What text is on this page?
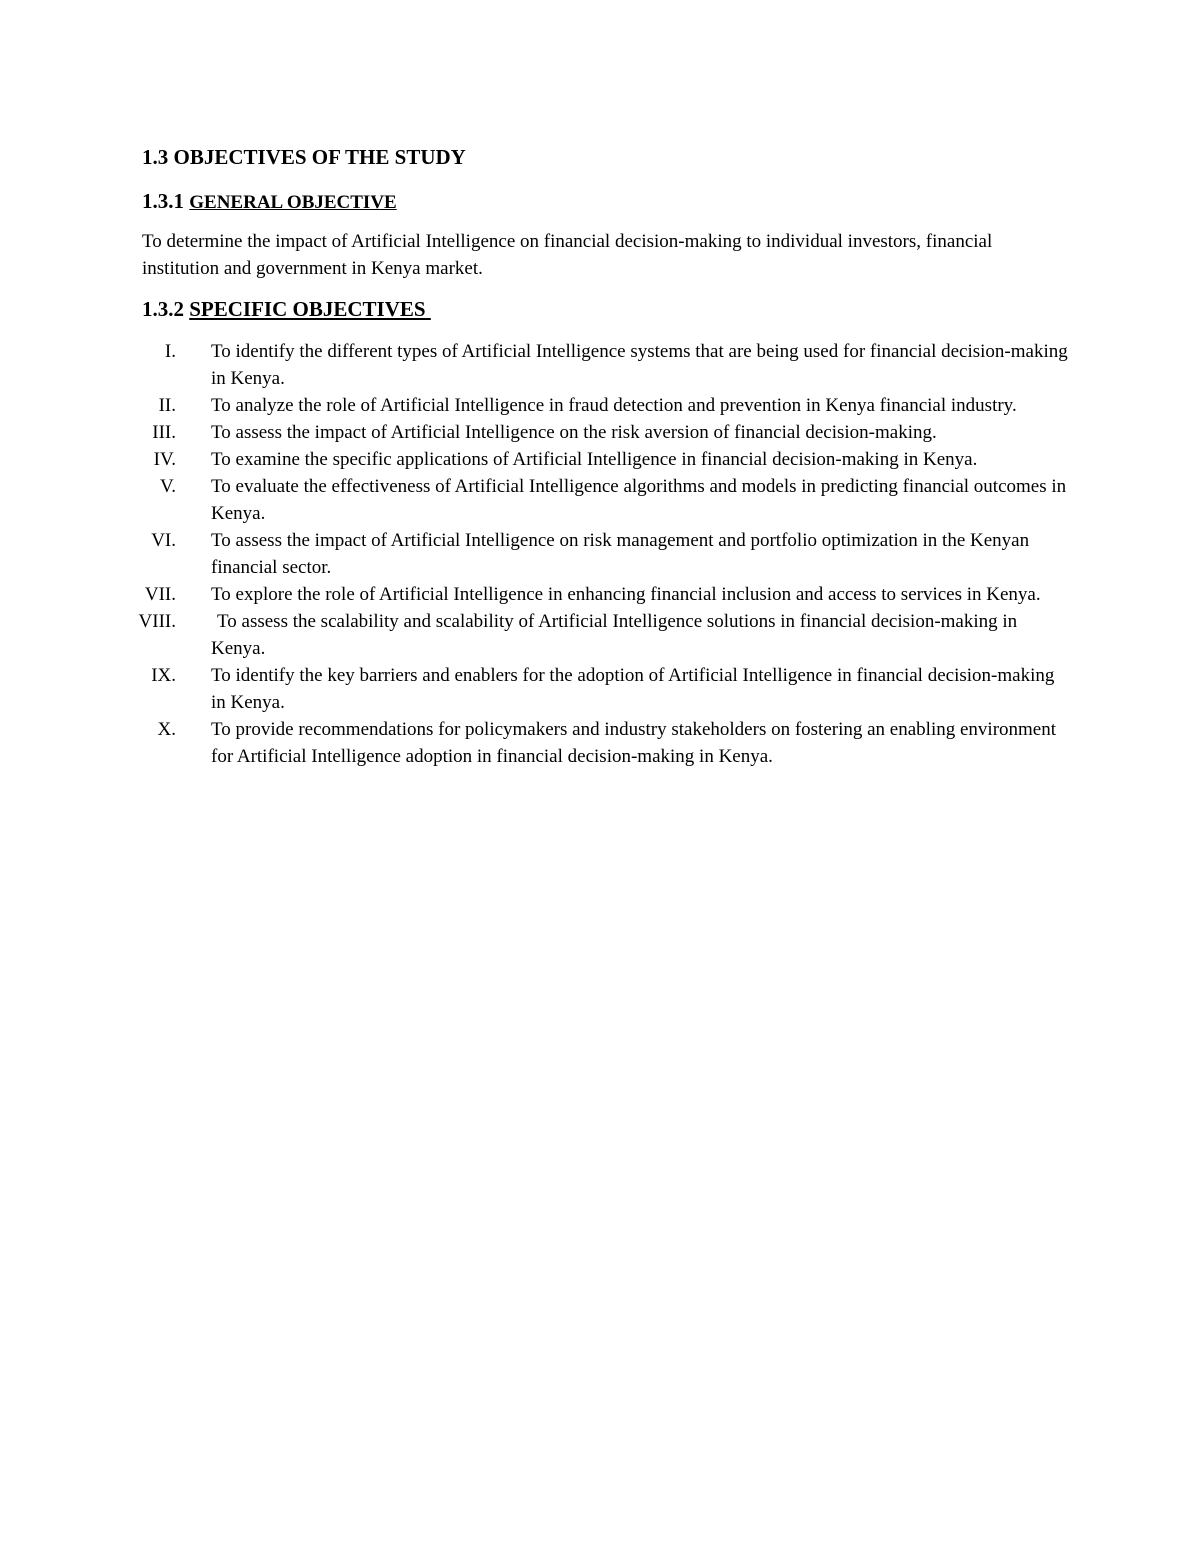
1.3 OBJECTIVES OF THE STUDY
1.3.1 GENERAL OBJECTIVE

To determine the impact of Artificial Intelligence on financial decision-making to individual investors, financial institution and government in Kenya market.

1.3.2 SPECIFIC OBJECTIVES
I. To identify the different types of Artificial Intelligence systems that are being used for financial decision-making in Kenya.
II. To analyze the role of Artificial Intelligence in fraud detection and prevention in Kenya financial industry.
III. To assess the impact of Artificial Intelligence on the risk aversion of financial decision-making.
IV. To examine the specific applications of Artificial Intelligence in financial decision-making in Kenya.
V. To evaluate the effectiveness of Artificial Intelligence algorithms and models in predicting financial outcomes in Kenya.
VI. To assess the impact of Artificial Intelligence on risk management and portfolio optimization in the Kenyan financial sector.
VII. To explore the role of Artificial Intelligence in enhancing financial inclusion and access to services in Kenya.
VIII. To assess the scalability and scalability of Artificial Intelligence solutions in financial decision-making in Kenya.
IX. To identify the key barriers and enablers for the adoption of Artificial Intelligence in financial decision-making in Kenya.
X. To provide recommendations for policymakers and industry stakeholders on fostering an enabling environment for Artificial Intelligence adoption in financial decision-making in Kenya.
